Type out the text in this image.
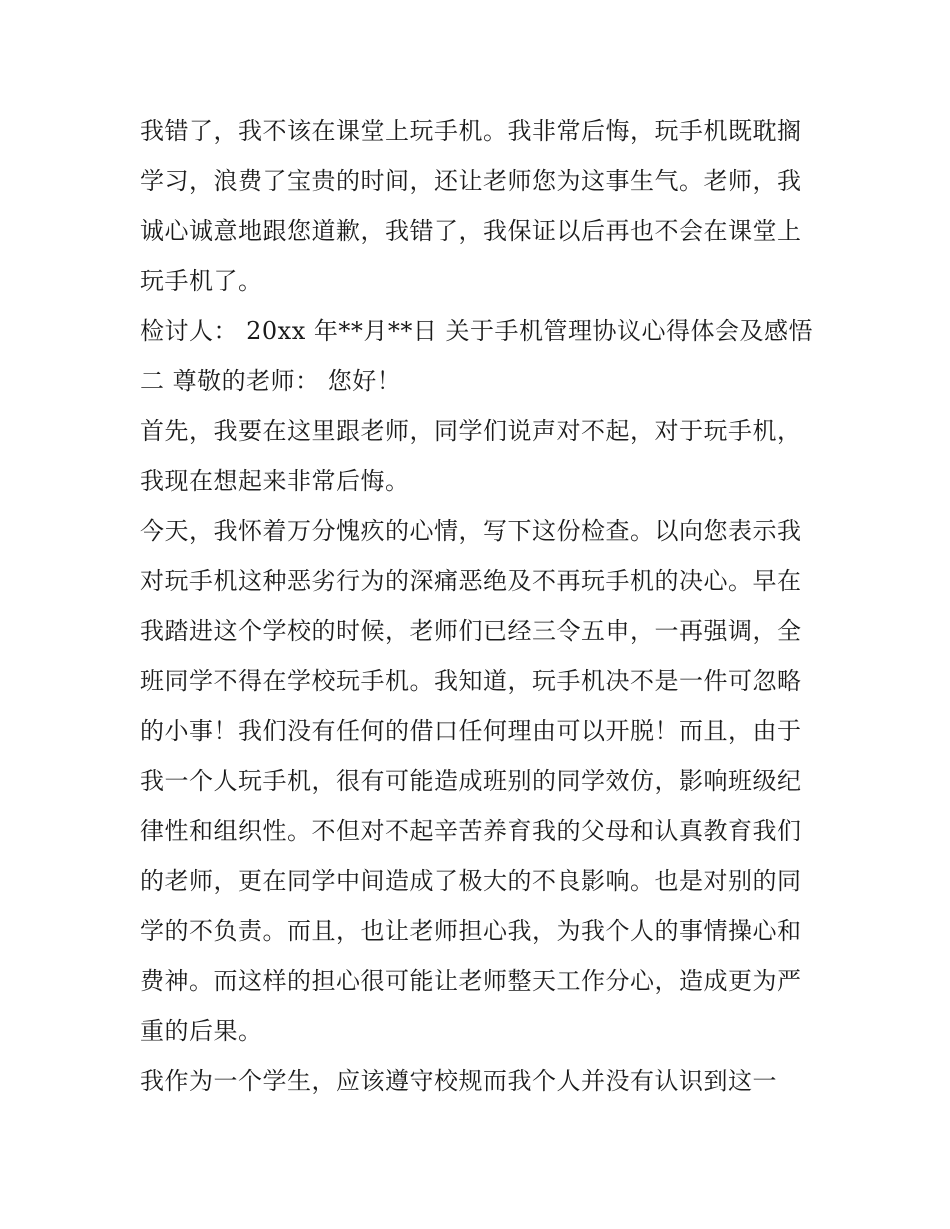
我错了，我不该在课堂上玩手机。我非常后悔，玩手机既耽搁
学习，浪费了宝贵的时间，还让老师您为这事生气。老师，我
诚心诚意地跟您道歉，我错了，我保证以后再也不会在课堂上
玩手机了。
检讨人： 20xx 年**月**日 关于手机管理协议心得体会及感悟
二 尊敬的老师： 您好！
首先，我要在这里跟老师，同学们说声对不起，对于玩手机，
我现在想起来非常后悔。
今天，我怀着万分愧疚的心情，写下这份检查。以向您表示我
对玩手机这种恶劣行为的深痛恶绝及不再玩手机的决心。早在
我踏进这个学校的时候，老师们已经三令五申，一再强调，全
班同学不得在学校玩手机。我知道，玩手机决不是一件可忽略
的小事！我们没有任何的借口任何理由可以开脱！而且，由于
我一个人玩手机，很有可能造成班别的同学效仿，影响班级纪
律性和组织性。不但对不起辛苦养育我的父母和认真教育我们
的老师，更在同学中间造成了极大的不良影响。也是对别的同
学的不负责。而且，也让老师担心我，为我个人的事情操心和
费神。而这样的担心很可能让老师整天工作分心，造成更为严
重的后果。
我作为一个学生，应该遵守校规而我个人并没有认识到这一
